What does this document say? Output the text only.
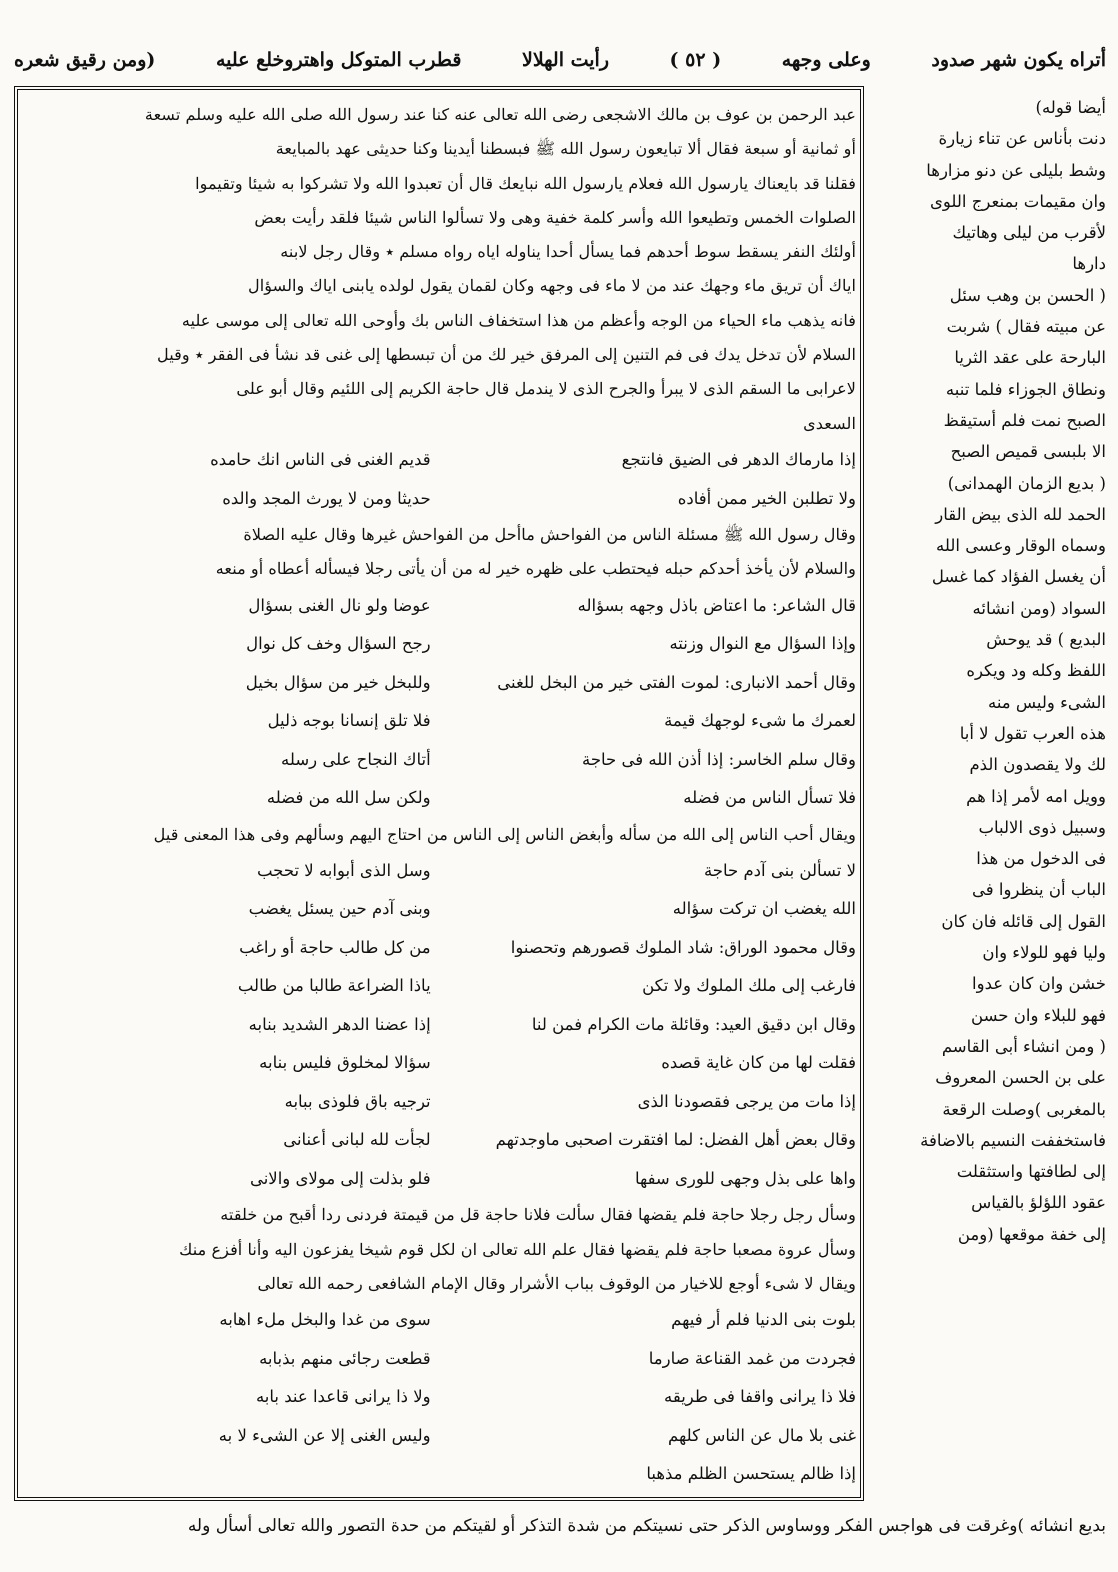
أتراه يكون شهر صدود
وعلى وجهه
( ٥٢ )
رأيت الهلالا
قطرب المتوكل واهتروخلع عليه
(ومن رقيق شعره

عبد الرحمن بن عوف بن مالك الاشجعى رضى الله تعالى عنه كنا عند رسول الله صلى الله عليه وسلم تسعة

أو ثمانية أو سبعة فقال ألا تبايعون رسول الله ﷺ فبسطنا أيدينا وكنا حديثى عهد بالمبايعة

فقلنا قد بايعناك يارسول الله فعلام يارسول الله نبايعك قال أن تعبدوا الله ولا تشركوا به شيئا وتقيموا

الصلوات الخمس وتطيعوا الله وأسر كلمة خفية وهى ولا تسألوا الناس شيئا فلقد رأيت بعض

أولئك النفر يسقط سوط أحدهم فما يسأل أحدا يناوله اياه رواه مسلم ٭ وقال رجل لابنه

اياك أن تريق ماء وجهك عند من لا ماء فى وجهه وكان لقمان يقول لولده يابنى اياك والسؤال

فانه يذهب ماء الحياء من الوجه وأعظم من هذا استخفاف الناس بك وأوحى الله تعالى إلى موسى عليه

السلام لأن تدخل يدك فى فم التنين إلى المرفق خير لك من أن تبسطها إلى غنى قد نشأ فى الفقر ٭ وقيل

لاعرابى ما السقم الذى لا يبرأ والجرح الذى لا يندمل قال حاجة الكريم إلى اللئيم وقال أبو على

السعدى

إذا مارماك الدهر فى الضيق فانتجع
قديم الغنى فى الناس انك حامده
ولا تطلبن الخير ممن أفاده
حديثا ومن لا يورث المجد والده

وقال رسول الله ﷺ مسئلة الناس من الفواحش ماأحل من الفواحش غيرها وقال عليه الصلاة

والسلام لأن يأخذ أحدكم حبله فيحتطب على ظهره خير له من أن يأتى رجلا فيسأله أعطاه أو منعه

قال الشاعر: ما اعتاض باذل وجهه بسؤاله
عوضا ولو نال الغنى بسؤال
وإذا السؤال مع النوال وزنته
رجح السؤال وخف كل نوال
وقال أحمد الانبارى: لموت الفتى خير من البخل للغنى
وللبخل خير من سؤال بخيل
لعمرك ما شىء لوجهك قيمة
فلا تلق إنسانا بوجه ذليل
وقال سلم الخاسر: إذا أذن الله فى حاجة
أتاك النجاح على رسله
فلا تسأل الناس من فضله
ولكن سل الله من فضله

ويقال أحب الناس إلى الله من سأله وأبغض الناس إلى الناس من احتاج اليهم وسألهم وفى هذا المعنى قيل

لا تسألن بنى آدم حاجة
وسل الذى أبوابه لا تحجب
الله يغضب ان تركت سؤاله
وبنى آدم حين يسئل يغضب
وقال محمود الوراق: شاد الملوك قصورهم وتحصنوا
من كل طالب حاجة أو راغب
فارغب إلى ملك الملوك ولا تكن
ياذا الضراعة طالبا من طالب
وقال ابن دقيق العيد: وقائلة مات الكرام فمن لنا
إذا عضنا الدهر الشديد بنابه
فقلت لها من كان غاية قصده
سؤالا لمخلوق فليس بنابه
إذا مات من يرجى فقصودنا الذى
ترجيه باق فلوذى ببابه
وقال بعض أهل الفضل: لما افتقرت اصحبى ماوجدتهم
لجأت لله لبانى أعنانى
واها على بذل وجهى للورى سفها
فلو بذلت إلى مولاى والانى

وسأل رجل رجلا حاجة فلم يقضها فقال سألت فلانا حاجة قل من قيمتة فردنى ردا أقبح من خلقته

وسأل عروة مصعبا حاجة فلم يقضها فقال علم الله تعالى ان لكل قوم شيخا يفزعون اليه وأنا أفزع منك

ويقال لا شىء أوجع للاخيار من الوقوف بباب الأشرار وقال الإمام الشافعى رحمه الله تعالى

بلوت بنى الدنيا فلم أر فيهم
سوى من غدا والبخل ملء اهابه
فجردت من غمد القناعة صارما
قطعت رجائى منهم بذبابه
فلا ذا يرانى واقفا فى طريقه
ولا ذا يرانى قاعدا عند بابه
غنى بلا مال عن الناس كلهم
وليس الغنى إلا عن الشىء لا به
إذا ظالم يستحسن الظلم مذهبا

أيضا قوله)

دنت بأناس عن تناء زيارة

وشط بليلى عن دنو مزارها

وان مقيمات بمنعرج اللوى

لأقرب من ليلى وهاتيك

دارها

( الحسن بن وهب سئل

عن مبيته فقال ) شربت

البارحة على عقد الثريا

ونطاق الجوزاء فلما تنبه

الصبح نمت فلم أستيقظ

الا بلبسى قميص الصبح

( بديع الزمان الهمدانى)

الحمد لله الذى بيض القار

وسماه الوقار وعسى الله

أن يغسل الفؤاد كما غسل

السواد (ومن انشائه

البديع ) قد يوحش

اللفظ وكله ود ويكره

الشىء وليس منه

هذه العرب تقول لا أبا

لك ولا يقصدون الذم

وويل امه لأمر إذا هم

وسبيل ذوى الالباب

فى الدخول من هذا

الباب أن ينظروا فى

القول إلى قائله فان كان

وليا فهو للولاء وان

خشن وان كان عدوا

فهو للبلاء وان حسن

( ومن انشاء أبى القاسم

على بن الحسن المعروف

بالمغربى )وصلت الرقعة

فاستخففت النسيم بالاضافة

إلى لطافتها واستثقلت

عقود اللؤلؤ بالقياس

إلى خفة موقعها (ومن

بديع انشائه )وغرقت فى هواجس الفكر ووساوس الذكر حتى نسيتكم من شدة التذكر أو لقيتكم من حدة التصور والله تعالى أسأل وله
